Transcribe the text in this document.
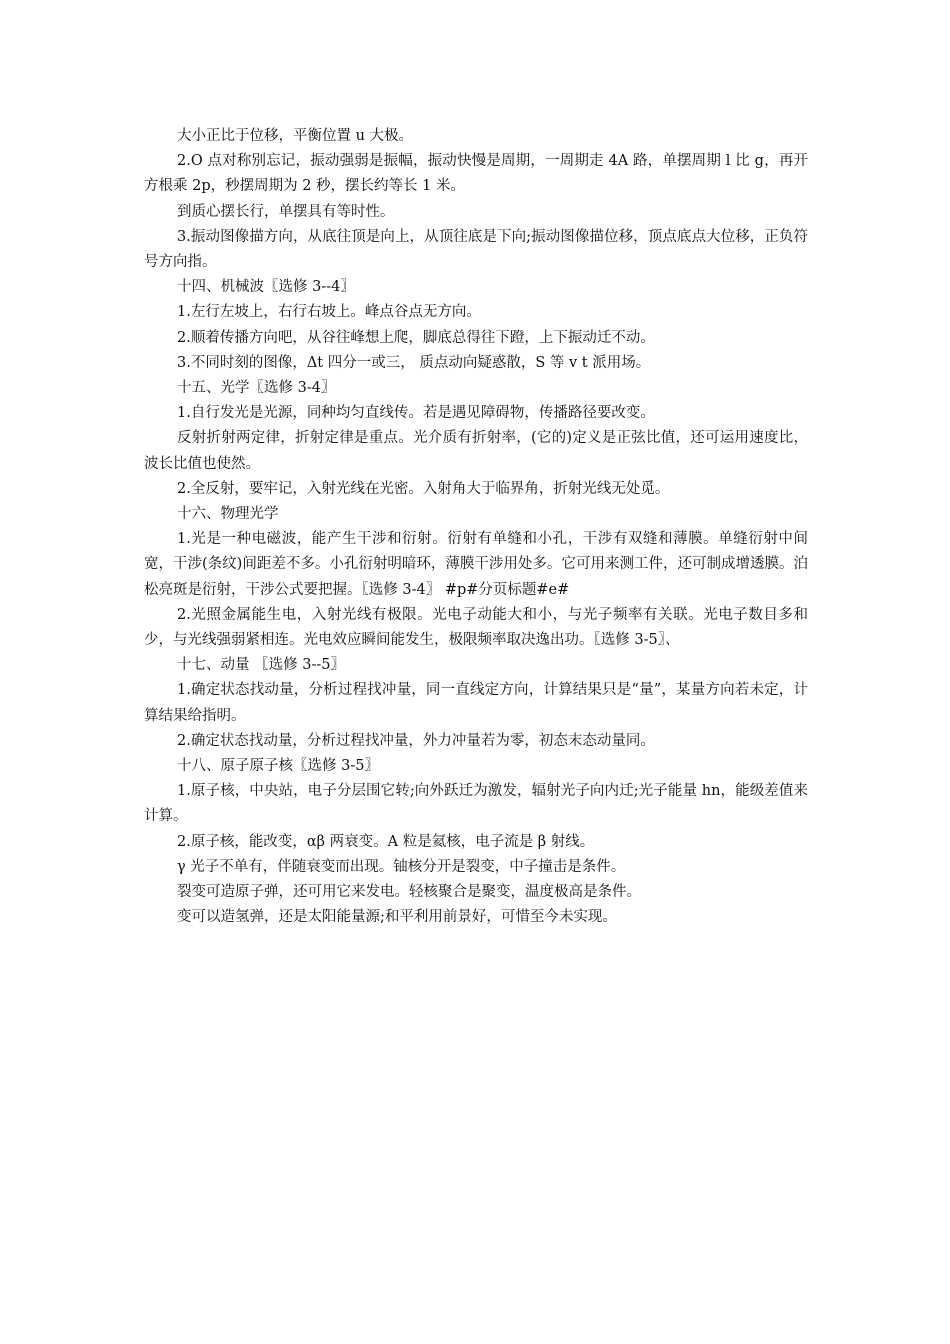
大小正比于位移，平衡位置 u 大极。

2.O 点对称别忘记，振动强弱是振幅，振动快慢是周期，一周期走 4A 路，单摆周期 l 比 g，再开方根乘 2p，秒摆周期为 2 秒，摆长约等长 1 米。

到质心摆长行，单摆具有等时性。

3.振动图像描方向，从底往顶是向上，从顶往底是下向;振动图像描位移，顶点底点大位移，正负符号方向指。

十四、机械波〖选修 3--4〗

1.左行左坡上，右行右坡上。峰点谷点无方向。

2.顺着传播方向吧，从谷往峰想上爬，脚底总得往下蹬，上下振动迁不动。

3.不同时刻的图像，Δt 四分一或三， 质点动向疑惑散，S 等 v t 派用场。

十五、光学〖选修 3-4〗

1.自行发光是光源，同种均匀直线传。若是遇见障碍物，传播路径要改变。

反射折射两定律，折射定律是重点。光介质有折射率，(它的)定义是正弦比值，还可运用速度比，波长比值也使然。

2.全反射，要牢记，入射光线在光密。入射角大于临界角，折射光线无处觅。

十六、物理光学

1.光是一种电磁波，能产生干涉和衍射。衍射有单缝和小孔，干涉有双缝和薄膜。单缝衍射中间宽，干涉(条纹)间距差不多。小孔衍射明暗环，薄膜干涉用处多。它可用来测工件，还可制成增透膜。泊松亮斑是衍射，干涉公式要把握。〖选修 3-4〗 #p#分页标题#e#

2.光照金属能生电，入射光线有极限。光电子动能大和小，与光子频率有关联。光电子数目多和少，与光线强弱紧相连。光电效应瞬间能发生，极限频率取决逸出功。〖选修 3-5〗、

十七、动量 〖选修 3--5〗

1.确定状态找动量，分析过程找冲量，同一直线定方向，计算结果只是“量”，某量方向若未定，计算结果给指明。

2.确定状态找动量，分析过程找冲量，外力冲量若为零，初态末态动量同。

十八、原子原子核〖选修 3-5〗

1.原子核，中央站，电子分层围它转;向外跃迁为激发，辐射光子向内迁;光子能量 hn，能级差值来计算。

2.原子核，能改变，αβ 两衰变。A 粒是氦核，电子流是 β 射线。

γ 光子不单有，伴随衰变而出现。铀核分开是裂变，中子撞击是条件。

裂变可造原子弹，还可用它来发电。轻核聚合是聚变，温度极高是条件。

变可以造氢弹，还是太阳能量源;和平利用前景好，可惜至今未实现。
